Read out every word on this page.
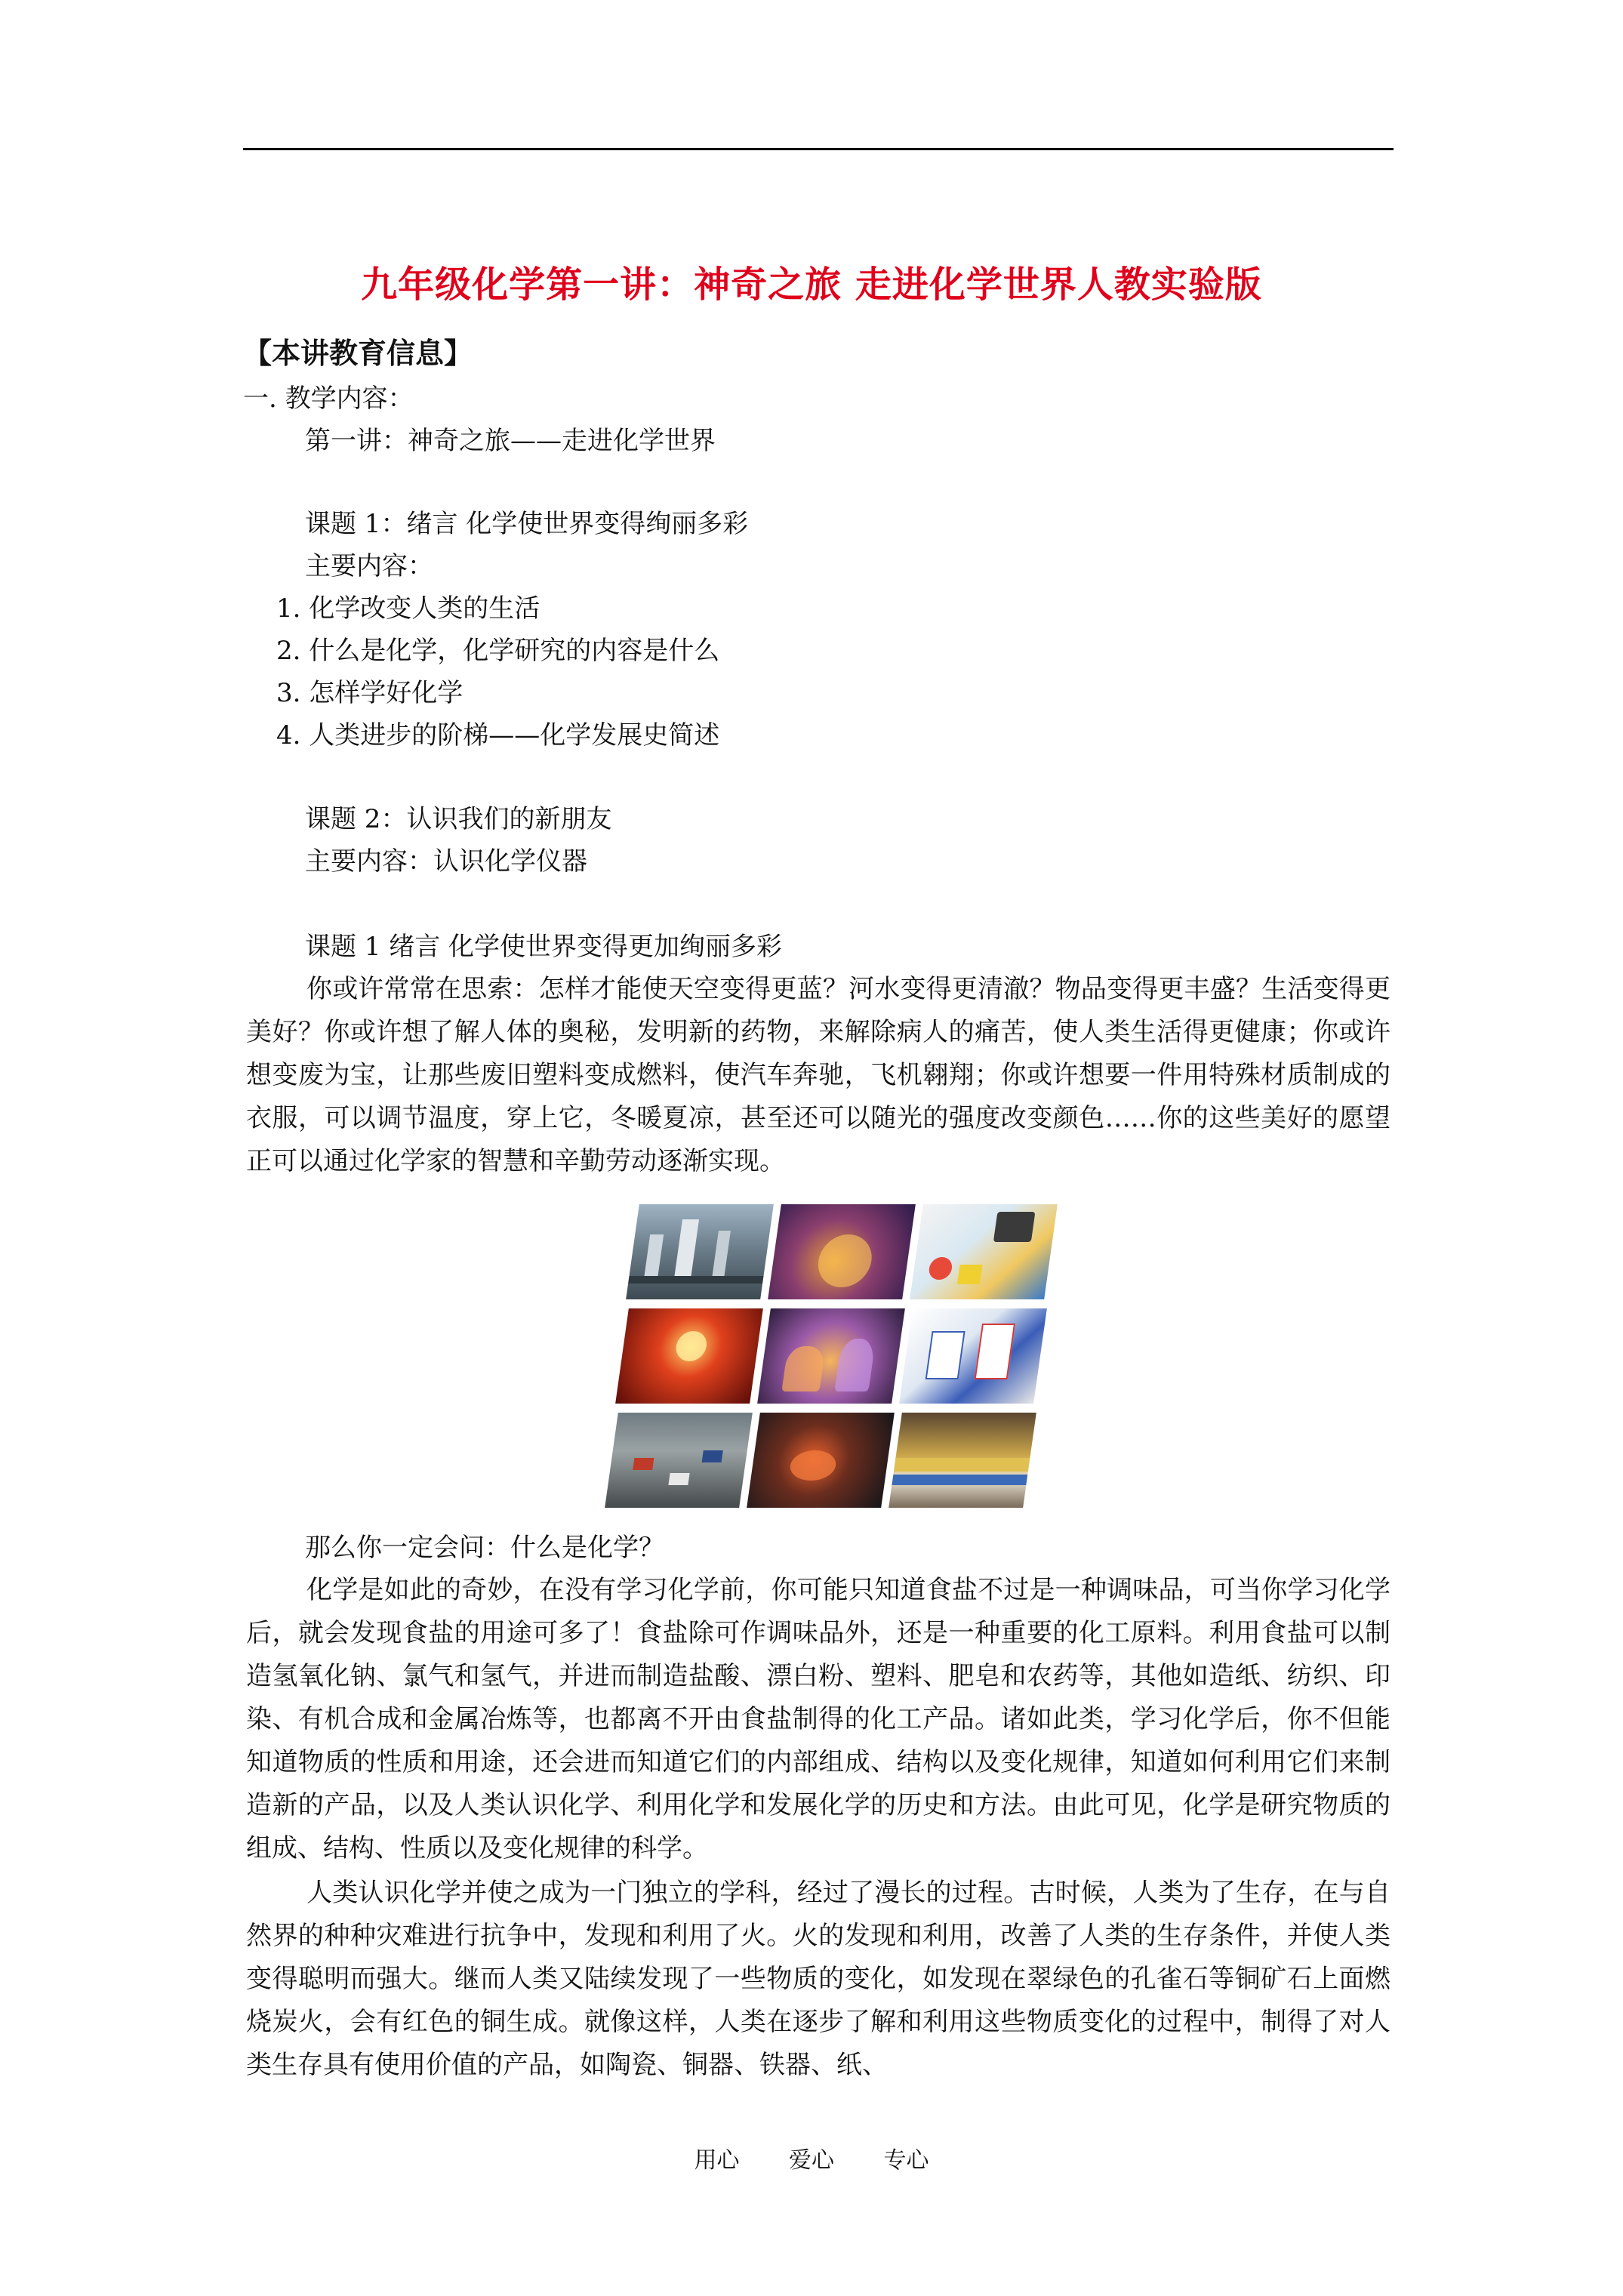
九年级化学第一讲：神奇之旅 走进化学世界人教实验版
【本讲教育信息】
一. 教学内容：
第一讲：神奇之旅——走进化学世界
课题 1：绪言 化学使世界变得绚丽多彩
主要内容：
1. 化学改变人类的生活
2. 什么是化学，化学研究的内容是什么
3. 怎样学好化学
4. 人类进步的阶梯——化学发展史简述
课题 2：认识我们的新朋友
主要内容：认识化学仪器
课题 1 绪言 化学使世界变得更加绚丽多彩
你或许常常在思索：怎样才能使天空变得更蓝？河水变得更清澈？物品变得更丰盛？生活变得更美好？你或许想了解人体的奥秘，发明新的药物，来解除病人的痛苦，使人类生活得更健康；你或许想变废为宝，让那些废旧塑料变成燃料，使汽车奔驰，飞机翱翔；你或许想要一件用特殊材质制成的衣服，可以调节温度，穿上它，冬暖夏凉，甚至还可以随光的强度改变颜色……你的这些美好的愿望正可以通过化学家的智慧和辛勤劳动逐渐实现。
那么你一定会问：什么是化学？
化学是如此的奇妙，在没有学习化学前，你可能只知道食盐不过是一种调味品，可当你学习化学后，就会发现食盐的用途可多了！食盐除可作调味品外，还是一种重要的化工原料。利用食盐可以制造氢氧化钠、氯气和氢气，并进而制造盐酸、漂白粉、塑料、肥皂和农药等，其他如造纸、纺织、印染、有机合成和金属冶炼等，也都离不开由食盐制得的化工产品。诸如此类，学习化学后，你不但能知道物质的性质和用途，还会进而知道它们的内部组成、结构以及变化规律，知道如何利用它们来制造新的产品，以及人类认识化学、利用化学和发展化学的历史和方法。由此可见，化学是研究物质的组成、结构、性质以及变化规律的科学。
人类认识化学并使之成为一门独立的学科，经过了漫长的过程。古时候，人类为了生存，在与自然界的种种灾难进行抗争中，发现和利用了火。火的发现和利用，改善了人类的生存条件，并使人类变得聪明而强大。继而人类又陆续发现了一些物质的变化，如发现在翠绿色的孔雀石等铜矿石上面燃烧炭火，会有红色的铜生成。就像这样，人类在逐步了解和利用这些物质变化的过程中，制得了对人类生存具有使用价值的产品，如陶瓷、铜器、铁器、纸、
用心 爱心 专心
